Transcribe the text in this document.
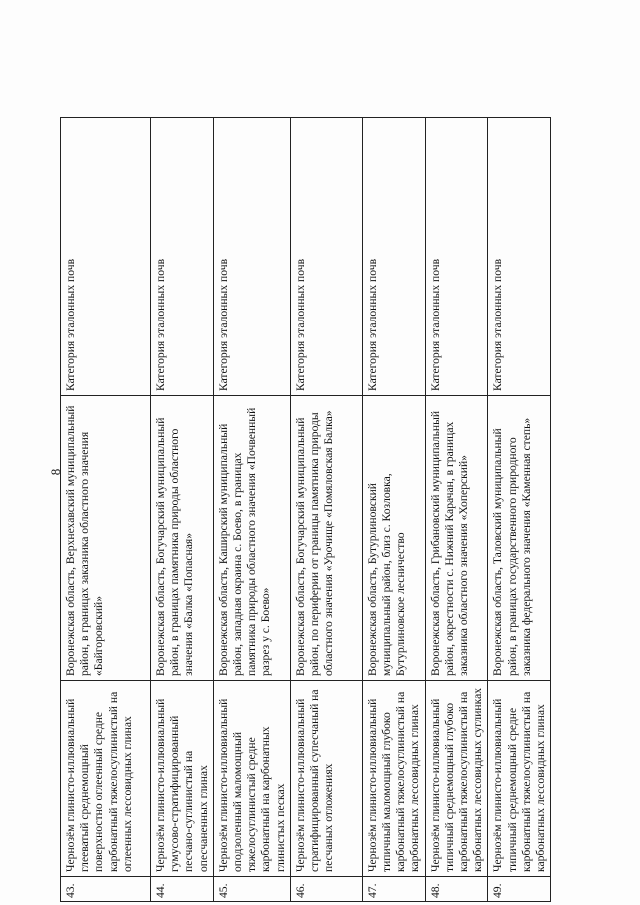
8
43.	Чернозём глинисто-иллювиальный глееватый среднемощный поверхностно оглеенный средне карбонатный тяжелосуглинистый на оглеенных лессовидных глинах	Воронежская область, Верхнехавский муниципальный район, в границах заказника областного значения «Байгоровский»	Категория эталонных почв
44.	Чернозём глинисто-иллювиальный гумусово-стратифицированный песчано-суглинистый на опесчаненных глинах	Воронежская область, Богучарский муниципальный район, в границах памятника природы областного значения «Балка «Попасная»	Категория эталонных почв
45.	Чернозём глинисто-иллювиальный оподзоленный маломощный тяжелосуглинистый средне карбонатный на карбонатных глинистых песках	Воронежская область, Каширский муниципальный район, западная окраина с. Боево, в границах памятника природы областного значения «Почвенный разрез у с. Боево»	Категория эталонных почв
46.	Чернозём глинисто-иллювиальный стратифицированный супесчаный на песчаных отложениях	Воронежская область, Богучарский муниципальный район, по периферии от границы памятника природы областного значения «Урочище «Помяловская Балка»	Категория эталонных почв
47.	Чернозём глинисто-иллювиальный типичный маломощный глубоко карбонатный тяжелосуглинистый на карбонатных лессовидных глинах	Воронежская область, Бутурлиновский муниципальный район, близ с. Козловка, Бутурлиновское лесничество	Категория эталонных почв
48.	Чернозём глинисто-иллювиальный типичный среднемощный глубоко карбонатный тяжелосуглинистый на карбонатных лессовидных суглинках	Воронежская область, Грибановский муниципальный район, окрестности с. Нижний Карачан, в границах заказника областного значения «Хоперский»	Категория эталонных почв
49.	Чернозём глинисто-иллювиальный типичный среднемощный средне карбонатный тяжелосуглинистый на карбонатных лессовидных глинах	Воронежская область, Таловский муниципальный район, в границах государственного природного заказника федерального значения «Каменная степь»	Категория эталонных почв
